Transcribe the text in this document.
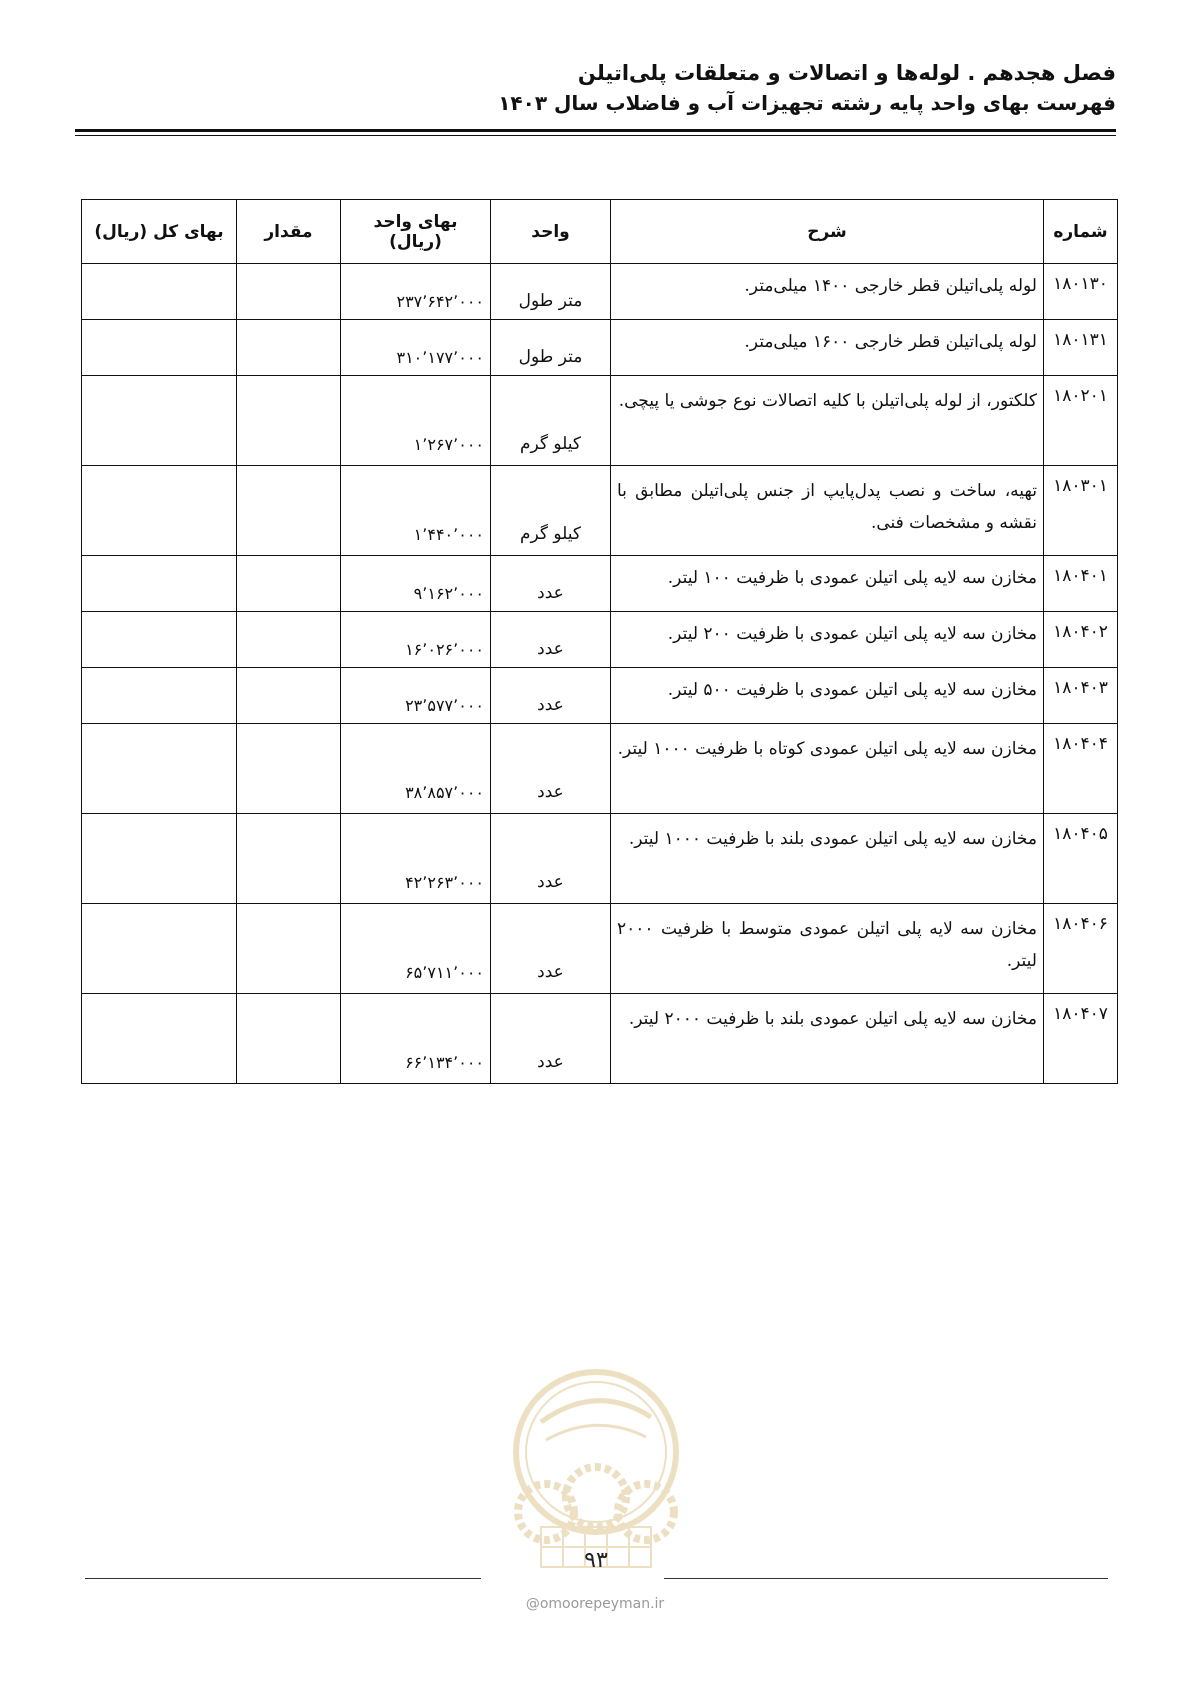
فصل هجدهم . لوله‌ها و اتصالات و متعلقات پلی‌اتیلن
فهرست بهای واحد پایه رشته تجهیزات آب و فاضلاب سال ۱۴۰۳
شماره	شرح	واحد	بهای واحد (ریال)	مقدار	بهای کل (ریال)
۱۸۰۱۳۰	لوله پلی‌اتیلن قطر خارجی ۱۴۰۰ میلی‌متر.	متر طول	۲۳۷٬۶۴۲٬۰۰۰		
۱۸۰۱۳۱	لوله پلی‌اتیلن قطر خارجی ۱۶۰۰ میلی‌متر.	متر طول	۳۱۰٬۱۷۷٬۰۰۰		
۱۸۰۲۰۱	کلکتور، از لوله پلی‌اتیلن با کلیه اتصالات نوع جوشی یا پیچی.	کیلو گرم	۱٬۲۶۷٬۰۰۰		
۱۸۰۳۰۱	تهیه، ساخت و نصب پدل‌پایپ از جنس پلی‌اتیلن مطابق با نقشه و مشخصات فنی.	کیلو گرم	۱٬۴۴۰٬۰۰۰		
۱۸۰۴۰۱	مخازن سه لایه پلی اتیلن عمودی با ظرفیت ۱۰۰ لیتر.	عدد	۹٬۱۶۲٬۰۰۰		
۱۸۰۴۰۲	مخازن سه لایه پلی اتیلن عمودی با ظرفیت ۲۰۰ لیتر.	عدد	۱۶٬۰۲۶٬۰۰۰		
۱۸۰۴۰۳	مخازن سه لایه پلی اتیلن عمودی با ظرفیت ۵۰۰ لیتر.	عدد	۲۳٬۵۷۷٬۰۰۰		
۱۸۰۴۰۴	مخازن سه لایه پلی اتیلن عمودی کوتاه با ظرفیت ۱۰۰۰ لیتر.	عدد	۳۸٬۸۵۷٬۰۰۰		
۱۸۰۴۰۵	مخازن سه لایه پلی اتیلن عمودی بلند با ظرفیت ۱۰۰۰ لیتر.	عدد	۴۲٬۲۶۳٬۰۰۰		
۱۸۰۴۰۶	مخازن سه لایه پلی اتیلن عمودی متوسط با ظرفیت ۲۰۰۰ لیتر.	عدد	۶۵٬۷۱۱٬۰۰۰		
۱۸۰۴۰۷	مخازن سه لایه پلی اتیلن عمودی بلند با ظرفیت ۲۰۰۰ لیتر.	عدد	۶۶٬۱۳۴٬۰۰۰		
۹۳
@omoorepeyman.ir
